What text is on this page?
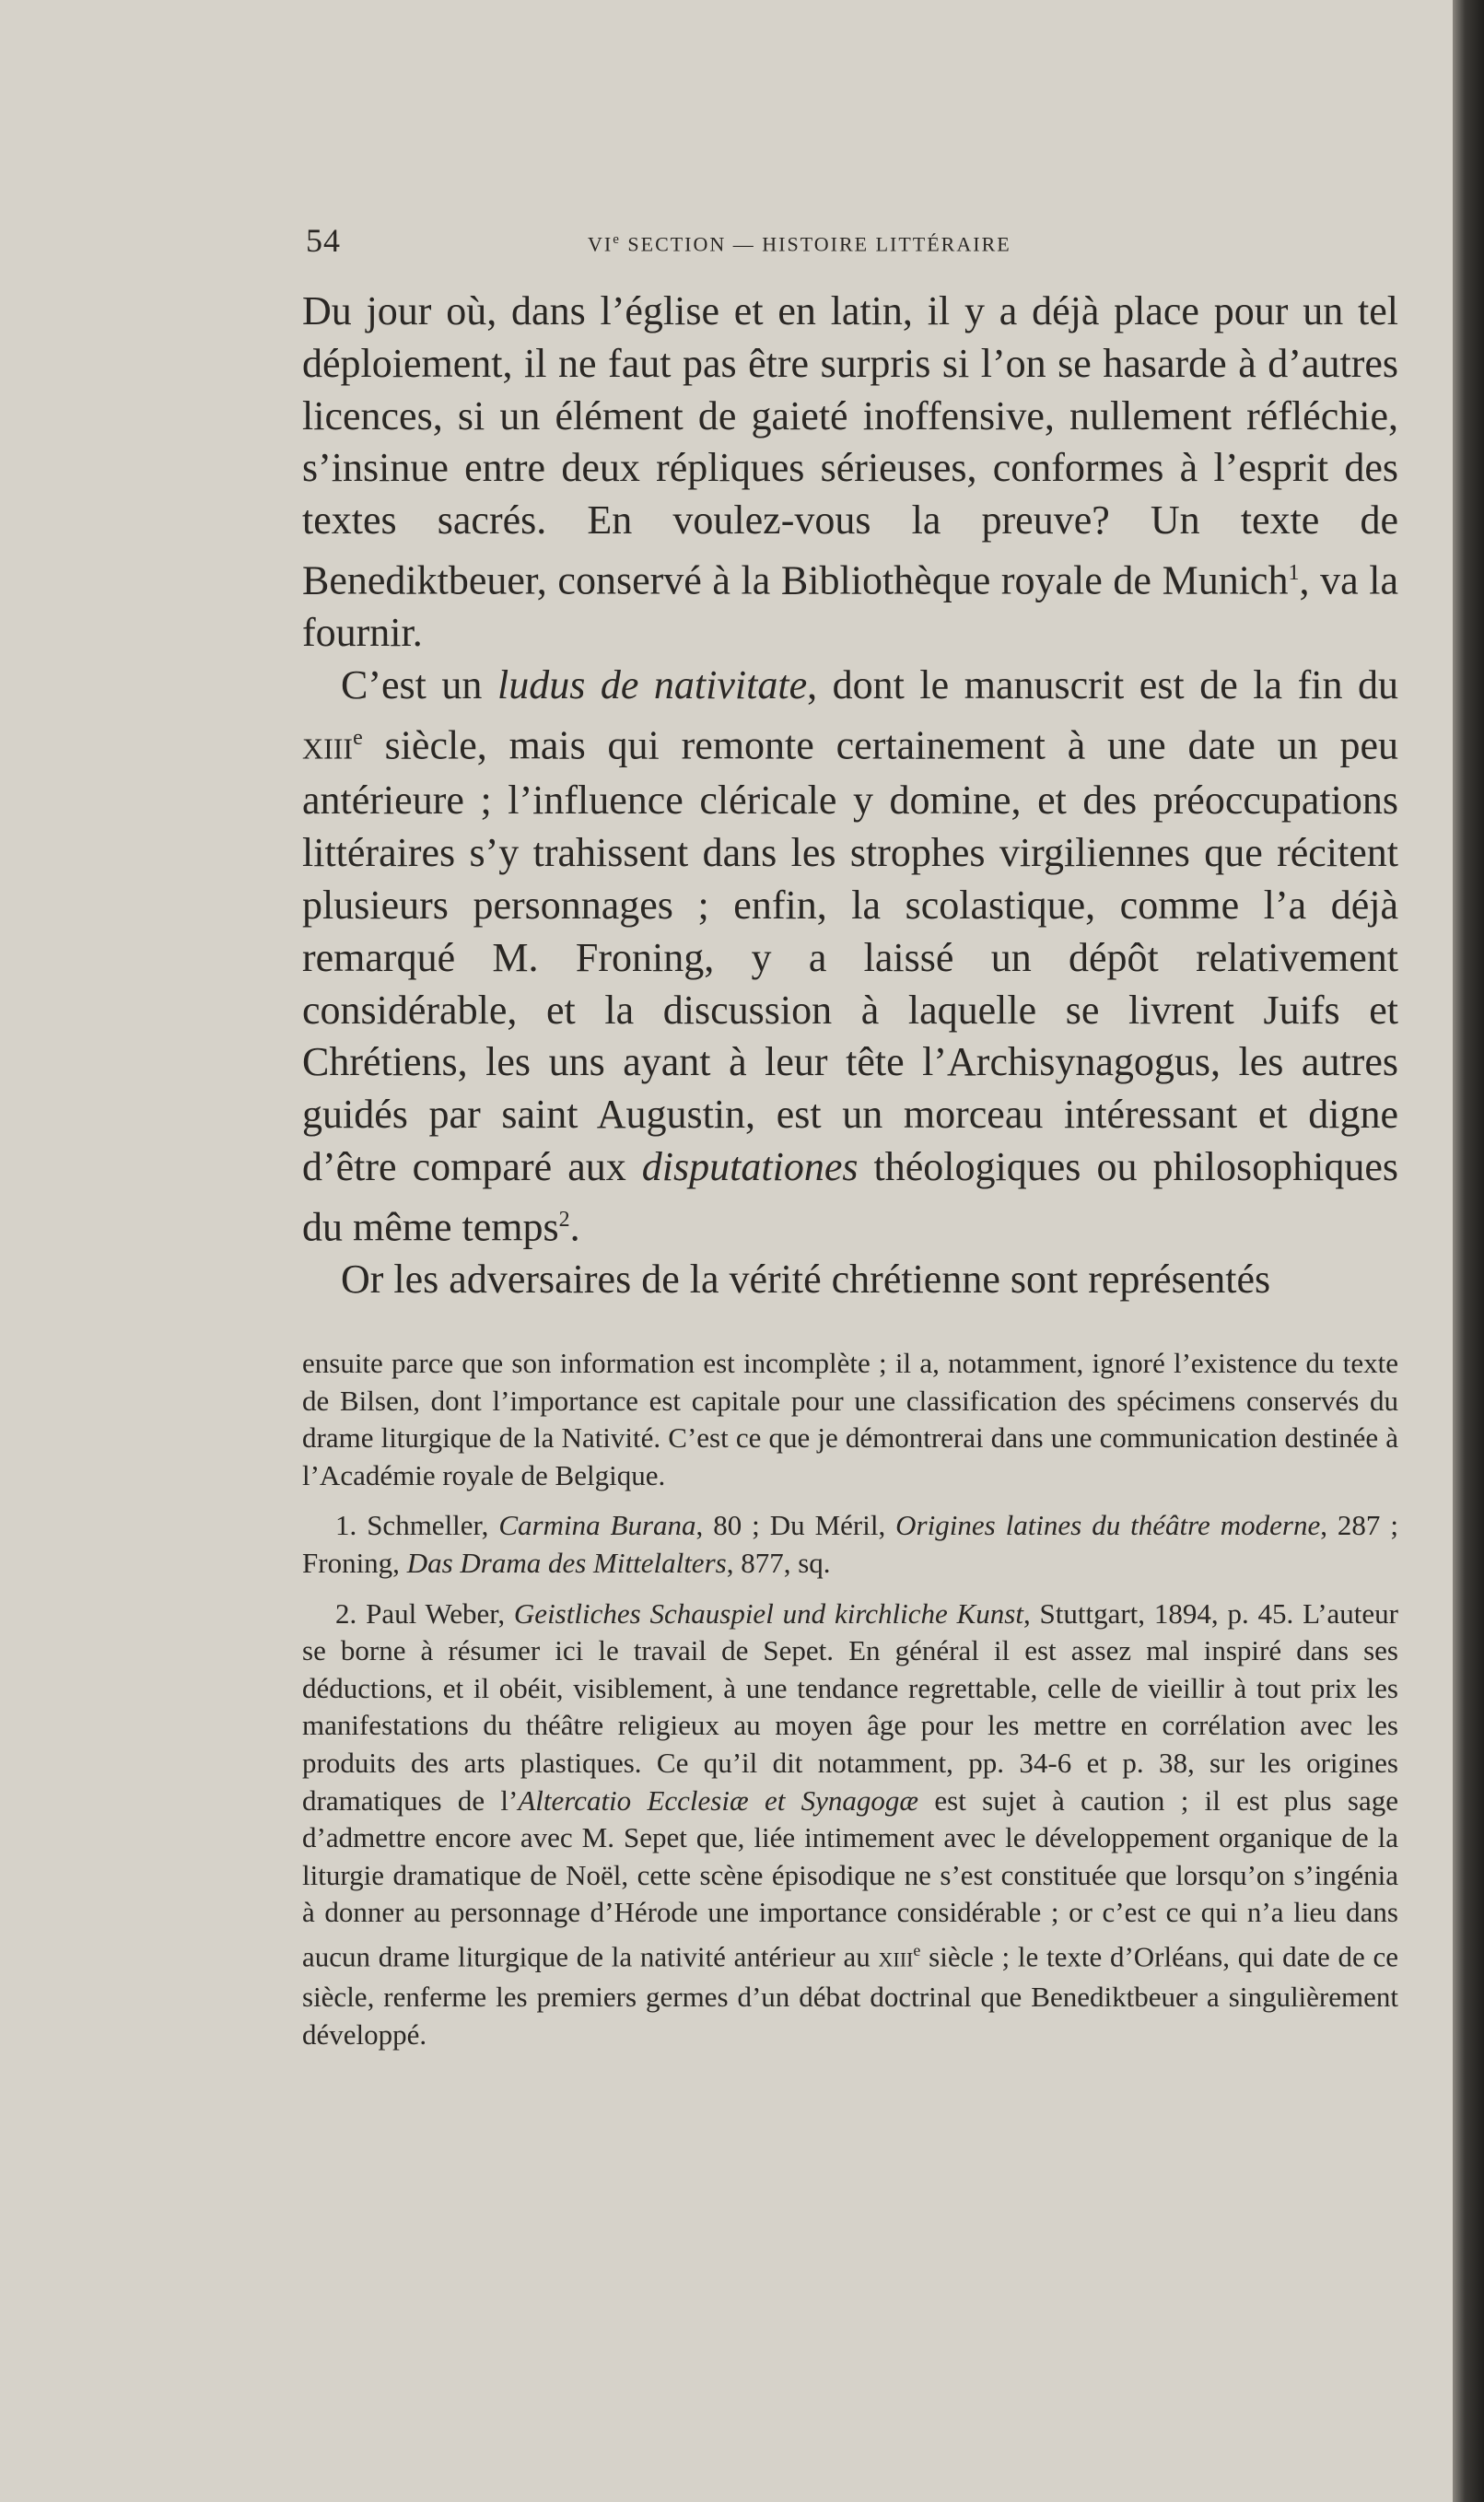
54	VIe SECTION — HISTOIRE LITTÉRAIRE

Du jour où, dans l’église et en latin, il y a déjà place pour un tel déploiement, il ne faut pas être surpris si l’on se hasarde à d’autres licences, si un élément de gaieté inoffensive, nullement réfléchie, s’insinue entre deux répliques sérieuses, conformes à l’esprit des textes sacrés. En voulez-vous la preuve? Un texte de Benediktbeuer, conservé à la Bibliothèque royale de Munich$^1$, va la fournir.

C’est un ludus de nativitate, dont le manuscrit est de la fin du XIIIe siècle, mais qui remonte certainement à une date un peu antérieure ; l’influence cléricale y domine, et des préoccupations littéraires s’y trahissent dans les strophes virgiliennes que récitent plusieurs personnages ; enfin, la scolastique, comme l’a déjà remarqué M. Froning, y a laissé un dépôt relativement considérable, et la discussion à laquelle se livrent Juifs et Chrétiens, les uns ayant à leur tête l’Archisynagogus, les autres guidés par saint Augustin, est un morceau intéressant et digne d’être comparé aux disputationes théologiques ou philosophiques du même temps$^2$.

Or les adversaires de la vérité chrétienne sont représentés

ensuite parce que son information est incomplète ; il a, notamment, ignoré l’existence du texte de Bilsen, dont l’importance est capitale pour une classification des spécimens conservés du drame liturgique de la Nativité. C’est ce que je démontrerai dans une communication destinée à l’Académie royale de Belgique.

1. Schmeller, Carmina Burana, 80 ; Du Méril, Origines latines du théâtre moderne, 287 ; Froning, Das Drama des Mittelalters, 877, sq.

2. Paul Weber, Geistliches Schauspiel und kirchliche Kunst, Stuttgart, 1894, p. 45. L’auteur se borne à résumer ici le travail de Sepet. En général il est assez mal inspiré dans ses déductions, et il obéit, visiblement, à une tendance regrettable, celle de vieillir à tout prix les manifestations du théâtre religieux au moyen âge pour les mettre en corrélation avec les produits des arts plastiques. Ce qu’il dit notamment, pp. 34-6 et p. 38, sur les origines dramatiques de l’Altercatio Ecclesiæ et Synagogæ est sujet à caution ; il est plus sage d’admettre encore avec M. Sepet que, liée intimement avec le développement organique de la liturgie dramatique de Noël, cette scène épisodique ne s’est constituée que lorsqu’on s’ingénia à donner au personnage d’Hérode une importance considérable ; or c’est ce qui n’a lieu dans aucun drame liturgique de la nativité antérieur au XIIIe siècle ; le texte d’Orléans, qui date de ce siècle, renferme les premiers germes d’un débat doctrinal que Benediktbeuer a singulièrement développé.
